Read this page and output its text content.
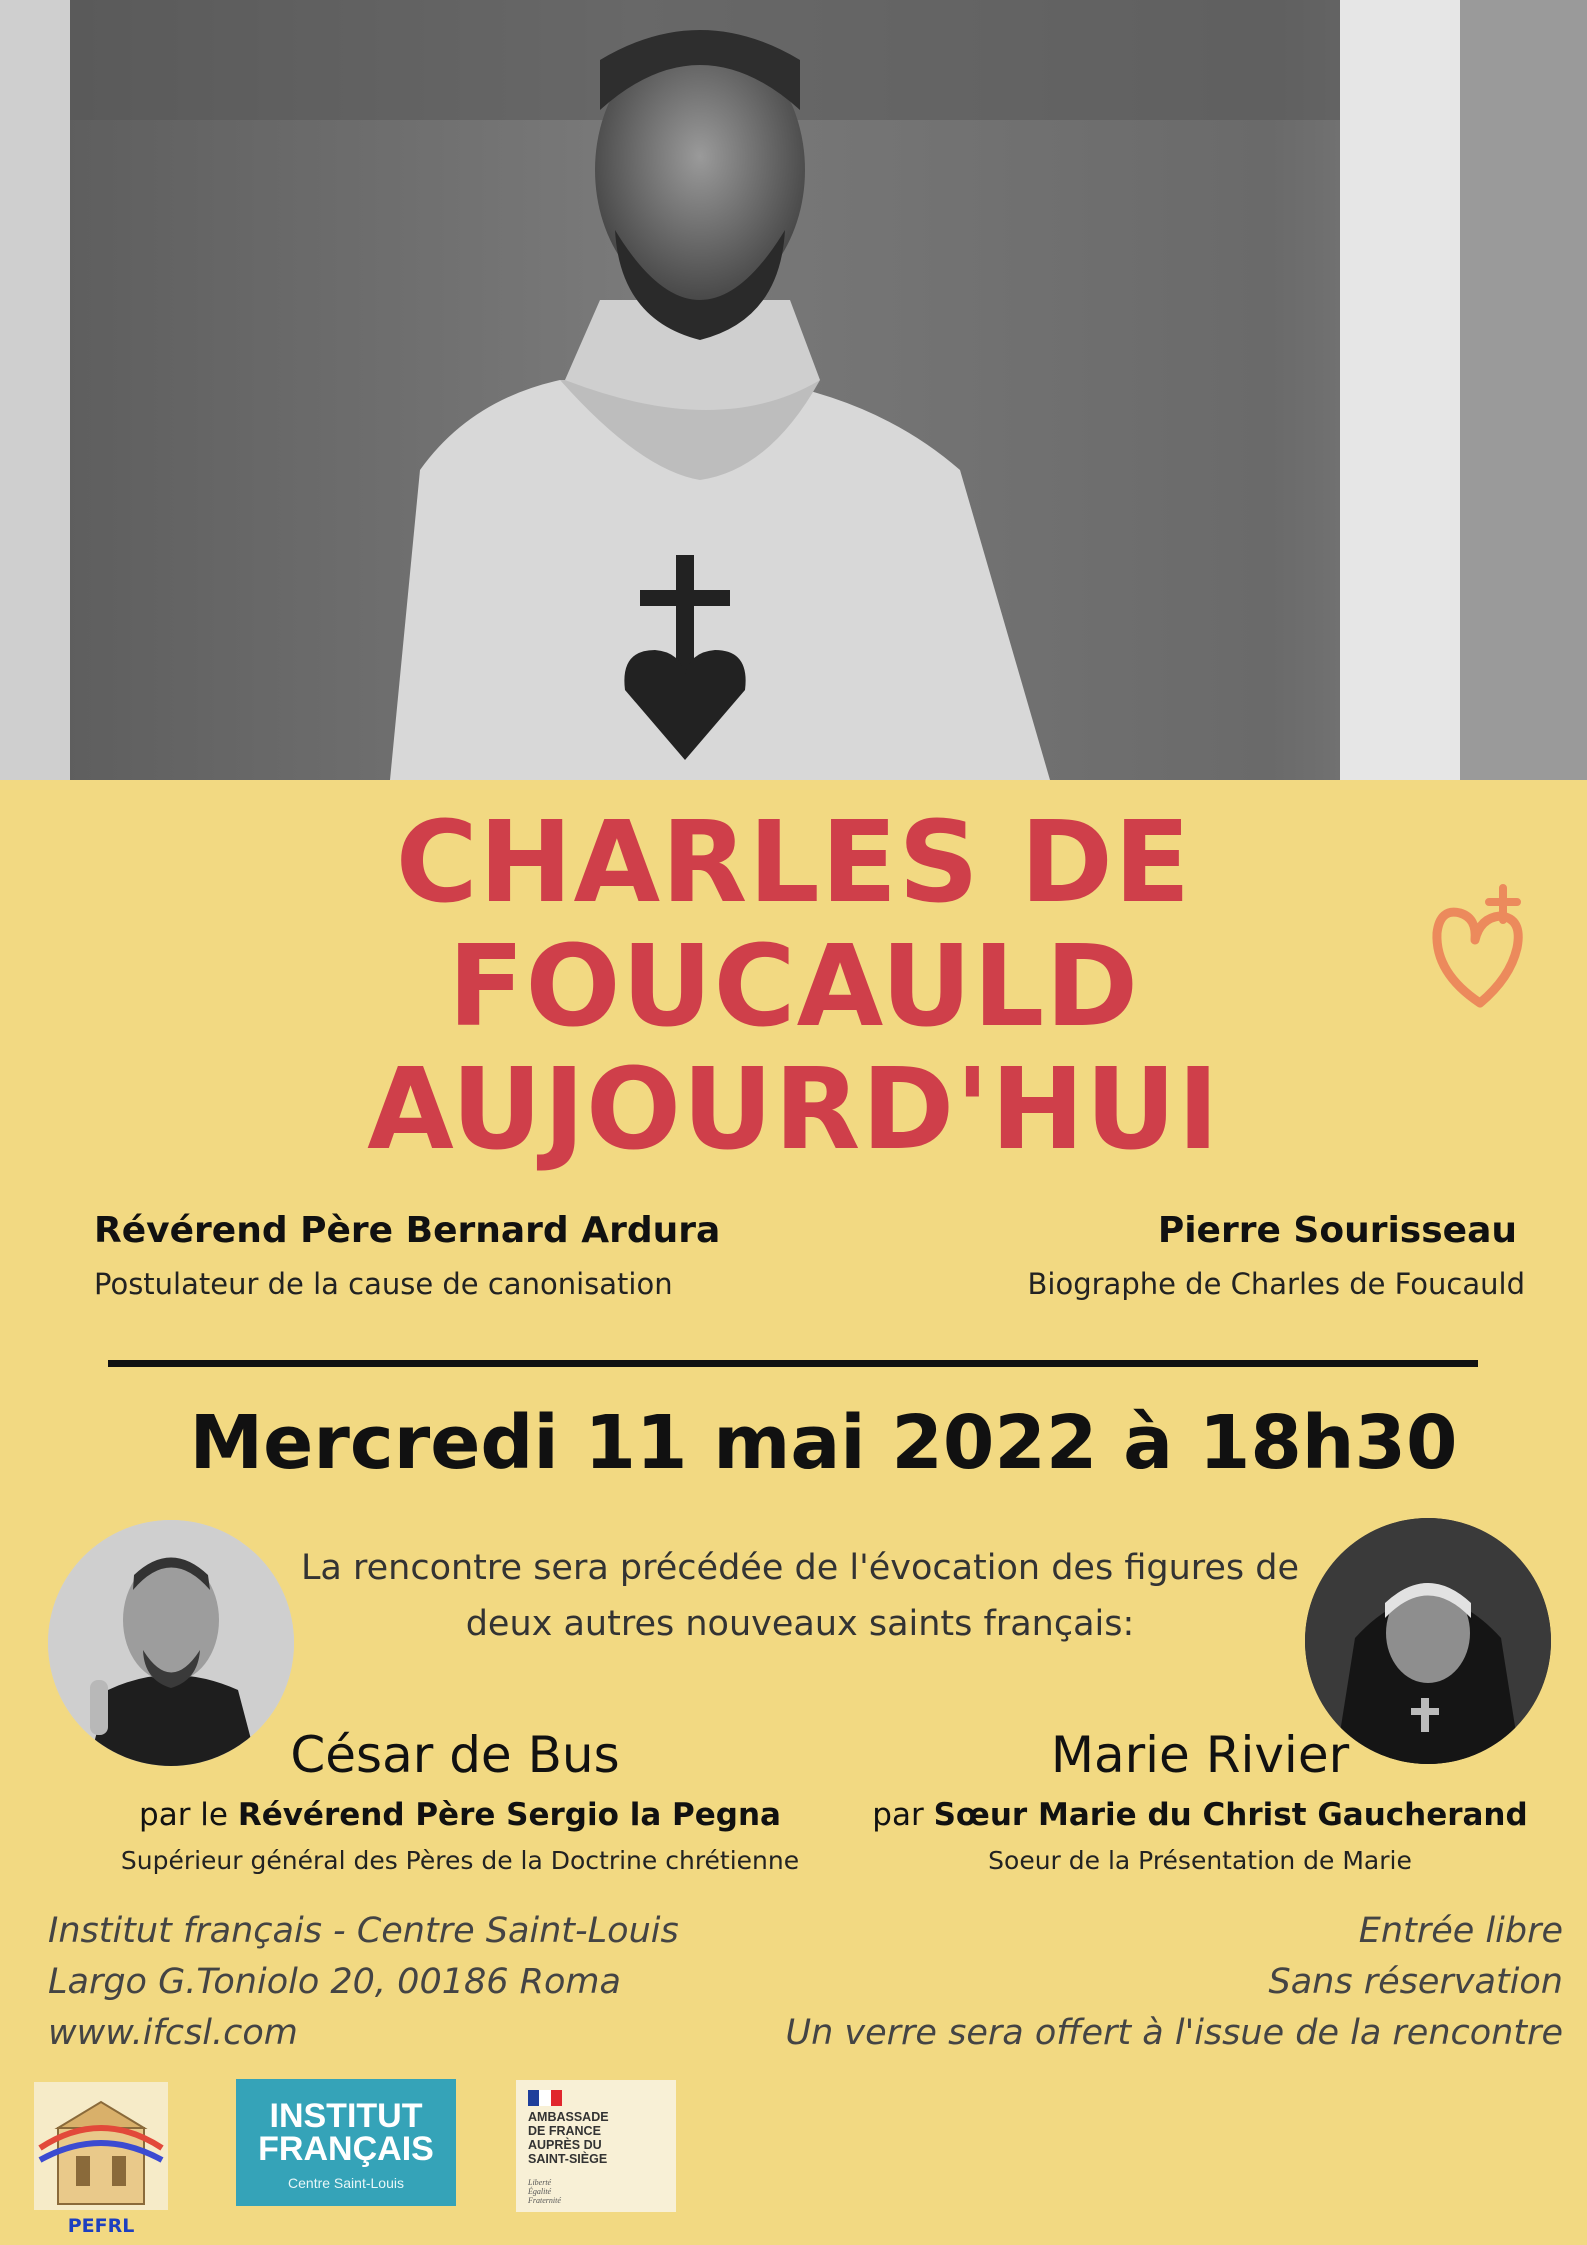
CHARLES DE
FOUCAULD
AUJOURD'HUI
Révérend Père Bernard Ardura
Postulateur de la cause de canonisation
Pierre Sourisseau
Biographe de Charles de Foucauld
Mercredi 11 mai 2022 à 18h30
La rencontre sera précédée de l'évocation des figures de deux autres nouveaux saints français:
César de Bus
par le Révérend Père Sergio la Pegna
Supérieur général des Pères de la Doctrine chrétienne
Marie Rivier
par Sœur Marie du Christ Gaucherand
Soeur de la Présentation de Marie
Institut français - Centre Saint-Louis
Largo G.Toniolo 20, 00186 Roma
www.ifcsl.com
Entrée libre
Sans réservation
Un verre sera offert à l'issue de la rencontre
PEFRL
INSTITUT
FRANÇAIS
Centre Saint-Louis
AMBASSADE
DE FRANCE
AUPRÈS DU
SAINT-SIÈGE
Liberté
Égalité
Fraternité
